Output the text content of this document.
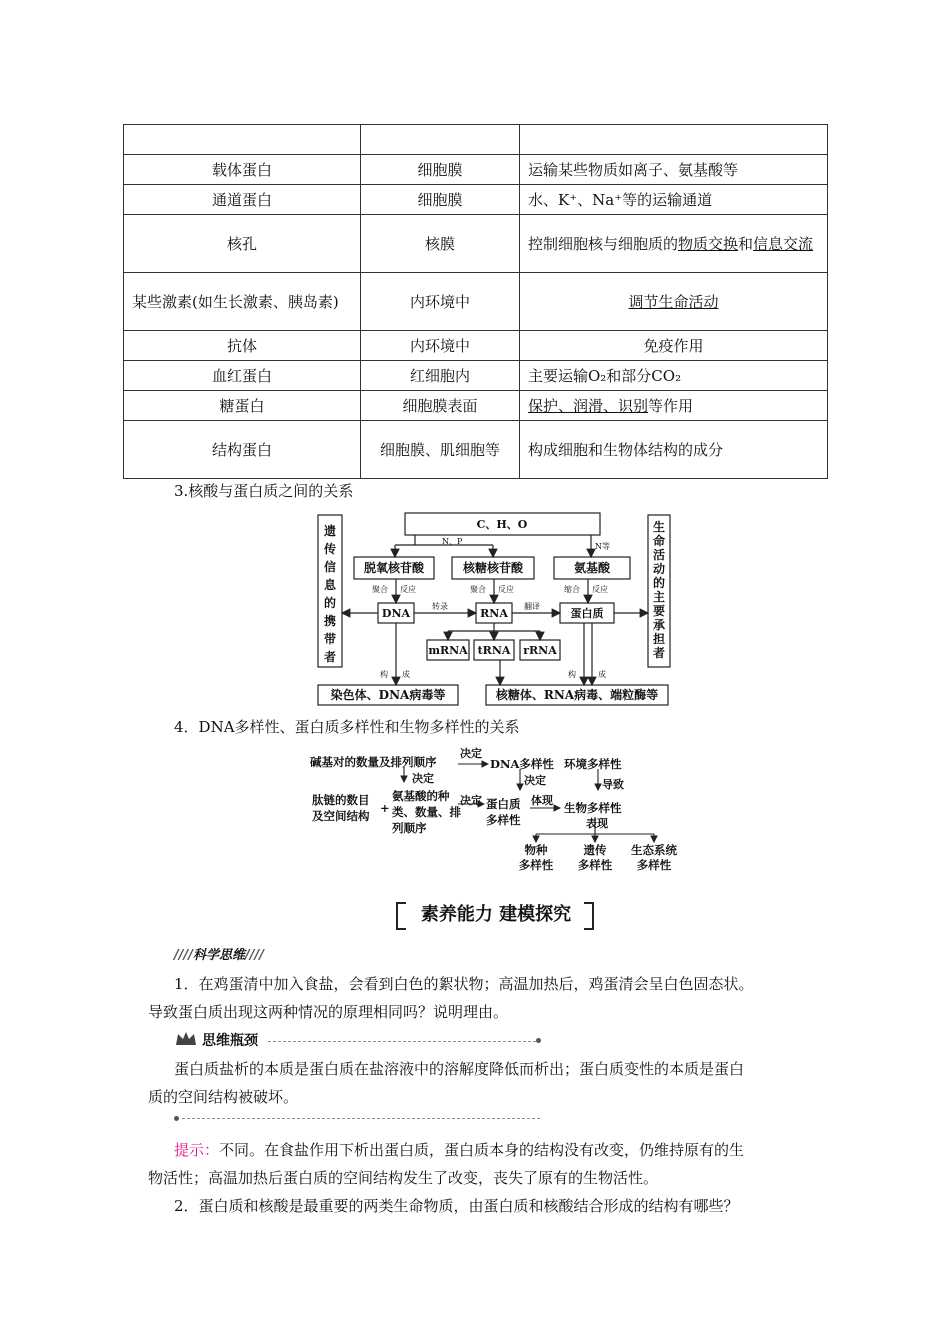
载体蛋白	细胞膜	运输某些物质如离子、氨基酸等
通道蛋白	细胞膜	水、K⁺、Na⁺等的运输通道
核孔	核膜	控制细胞核与细胞质的物质交换和信息交流
某些激素(如生长激素、胰岛素)	内环境中	调节生命活动
抗体	内环境中	免疫作用
血红蛋白	红细胞内	主要运输O₂和部分CO₂
糖蛋白	细胞膜表面	保护、润滑、识别等作用
结构蛋白	细胞膜、肌细胞等	构成细胞和生物体结构的成分
3.核酸与蛋白质之间的关系
C、H、O
遗
传
信
息
的
携
带
者
生
命
活
动
的
主
要
承
担
者
脱氧核苷酸	核糖核苷酸	氨基酸
DNA	RNA	蛋白质
mRNA tRNA rRNA
染色体、DNA病毒等	核糖体、RNA病毒、端粒酶等
N、P
N等
聚合 反应	聚合 反应	缩合 反应
转录	翻译
构 成	构	成
4．DNA多样性、蛋白质多样性和生物多样性的关系
碱基对的数量及排列顺序
决定
DNA多样性 环境多样性
决定	决定	导致
肽链的数目
及空间结构
+
氨基酸的种
类、数量、排
列顺序
决定 蛋白质
多样性
体现
生物多样性
表现
物种
多样性
遗传
多样性
生态系统
多样性
素养能力 建模探究
////科学思维////
1．在鸡蛋清中加入食盐，会看到白色的絮状物；高温加热后，鸡蛋清会呈白色固态状。
导致蛋白质出现这两种情况的原理相同吗？说明理由。
思维瓶颈
蛋白质盐析的本质是蛋白质在盐溶液中的溶解度降低而析出；蛋白质变性的本质是蛋白
质的空间结构被破坏。
提示：不同。在食盐作用下析出蛋白质，蛋白质本身的结构没有改变，仍维持原有的生
物活性；高温加热后蛋白质的空间结构发生了改变，丧失了原有的生物活性。
2．蛋白质和核酸是最重要的两类生命物质，由蛋白质和核酸结合形成的结构有哪些？
